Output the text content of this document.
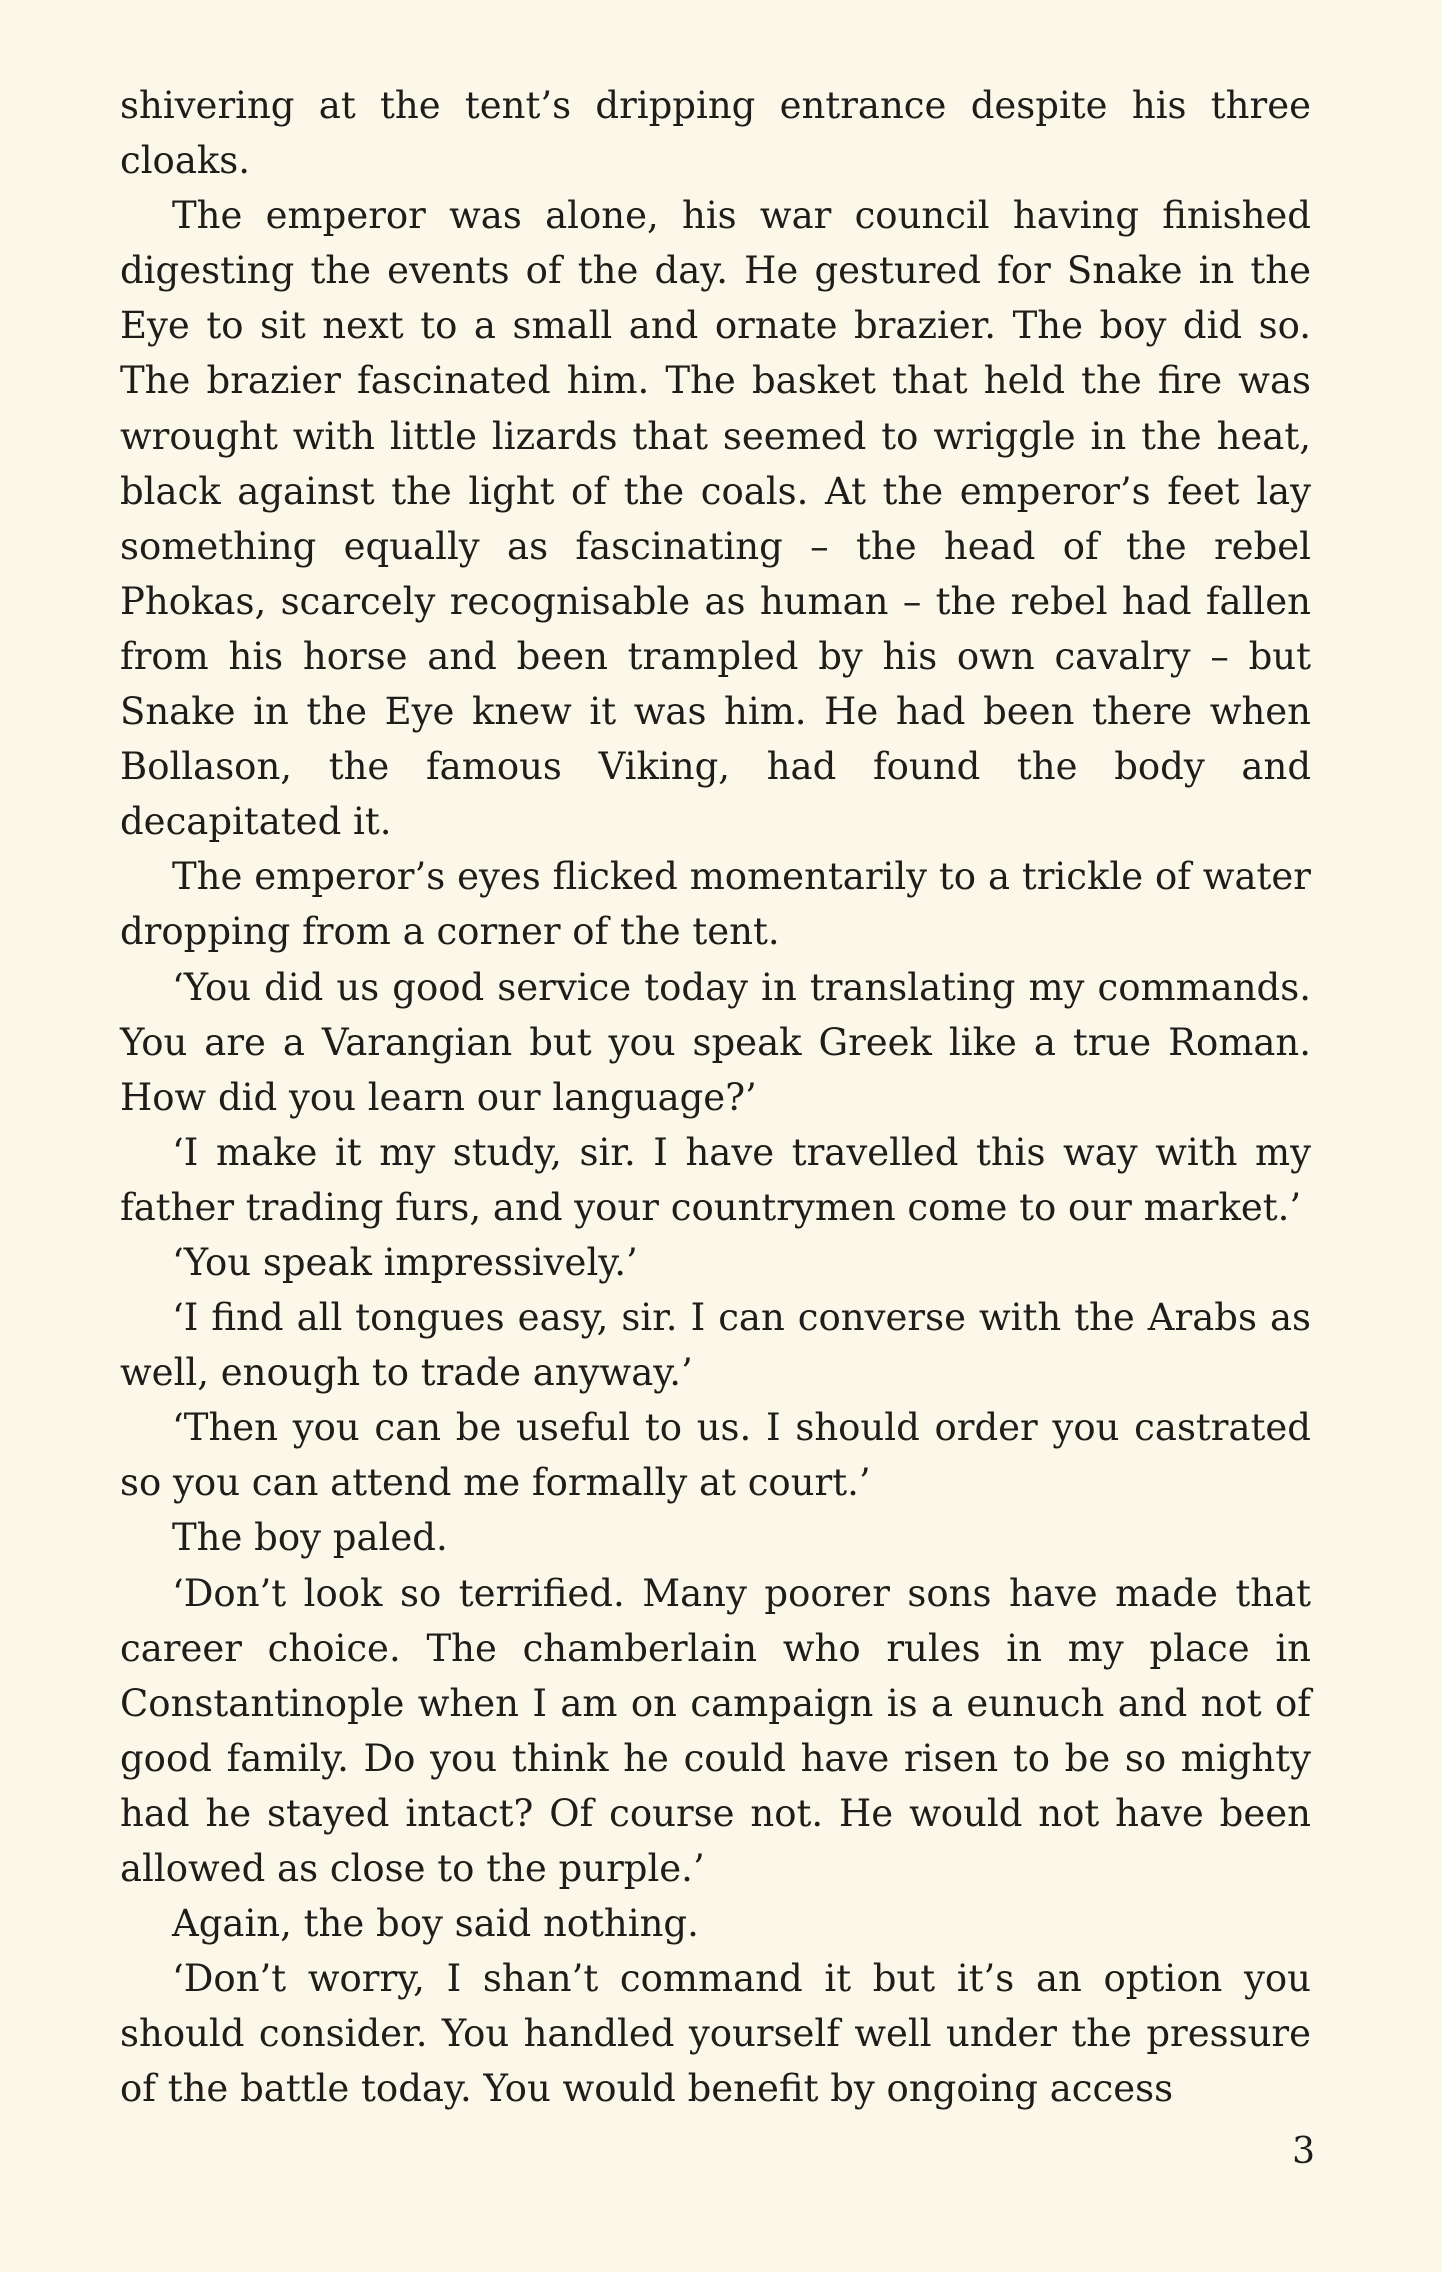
shivering at the tent’s dripping entrance despite his three cloaks.

The emperor was alone, his war council having finished digesting the events of the day. He gestured for Snake in the Eye to sit next to a small and ornate brazier. The boy did so. The brazier fascinated him. The basket that held the fire was wrought with little lizards that seemed to wriggle in the heat, black against the light of the coals. At the emperor’s feet lay something equally as fascinating – the head of the rebel Phokas, scarcely recognisable as human – the rebel had fallen from his horse and been trampled by his own cavalry – but Snake in the Eye knew it was him. He had been there when Bollason, the famous Viking, had found the body and decapitated it.

The emperor’s eyes flicked momentarily to a trickle of water dropping from a corner of the tent.

‘You did us good service today in translating my commands. You are a Varangian but you speak Greek like a true Roman. How did you learn our language?’

‘I make it my study, sir. I have travelled this way with my father trading furs, and your countrymen come to our market.’

‘You speak impressively.’

‘I find all tongues easy, sir. I can converse with the Arabs as well, enough to trade anyway.’

‘Then you can be useful to us. I should order you castrated so you can attend me formally at court.’

The boy paled.

‘Don’t look so terrified. Many poorer sons have made that career choice. The chamberlain who rules in my place in Constantinople when I am on campaign is a eunuch and not of good family. Do you think he could have risen to be so mighty had he stayed intact? Of course not. He would not have been allowed as close to the purple.’

Again, the boy said nothing.

‘Don’t worry, I shan’t command it but it’s an option you should consider. You handled yourself well under the pressure of the battle today. You would benefit by ongoing access

3
